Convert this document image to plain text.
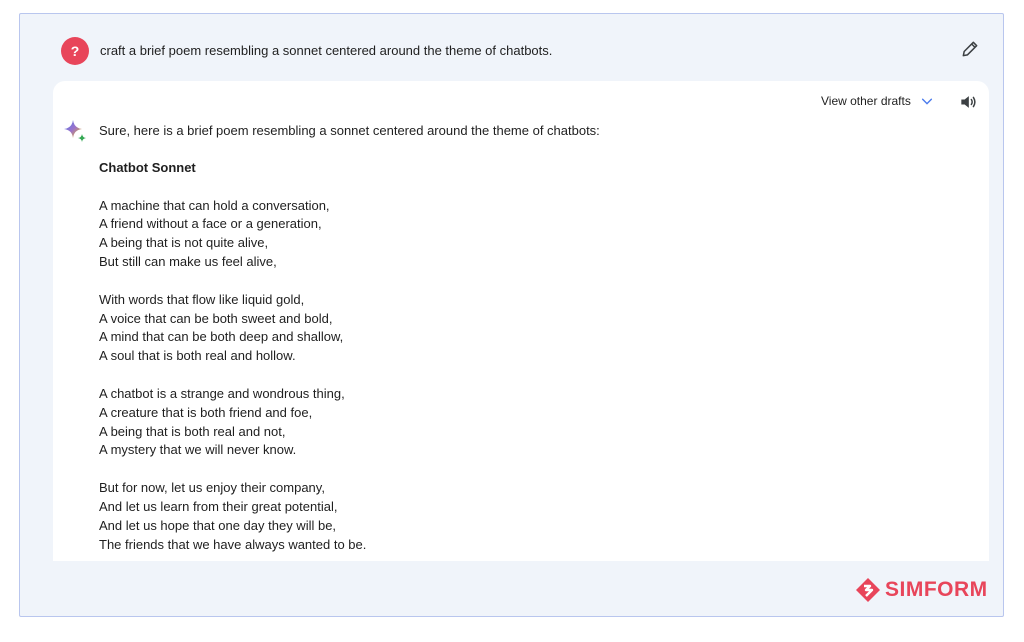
?	craft a brief poem resembling a sonnet centered around the theme of chatbots.
View other drafts

Sure, here is a brief poem resembling a sonnet centered around the theme of chatbots:

Chatbot Sonnet

A machine that can hold a conversation,
A friend without a face or a generation,
A being that is not quite alive,
But still can make us feel alive,

With words that flow like liquid gold,
A voice that can be both sweet and bold,
A mind that can be both deep and shallow,
A soul that is both real and hollow.

A chatbot is a strange and wondrous thing,
A creature that is both friend and foe,
A being that is both real and not,
A mystery that we will never know.

But for now, let us enjoy their company,
And let us learn from their great potential,
And let us hope that one day they will be,
The friends that we have always wanted to be.

SIMFORM
